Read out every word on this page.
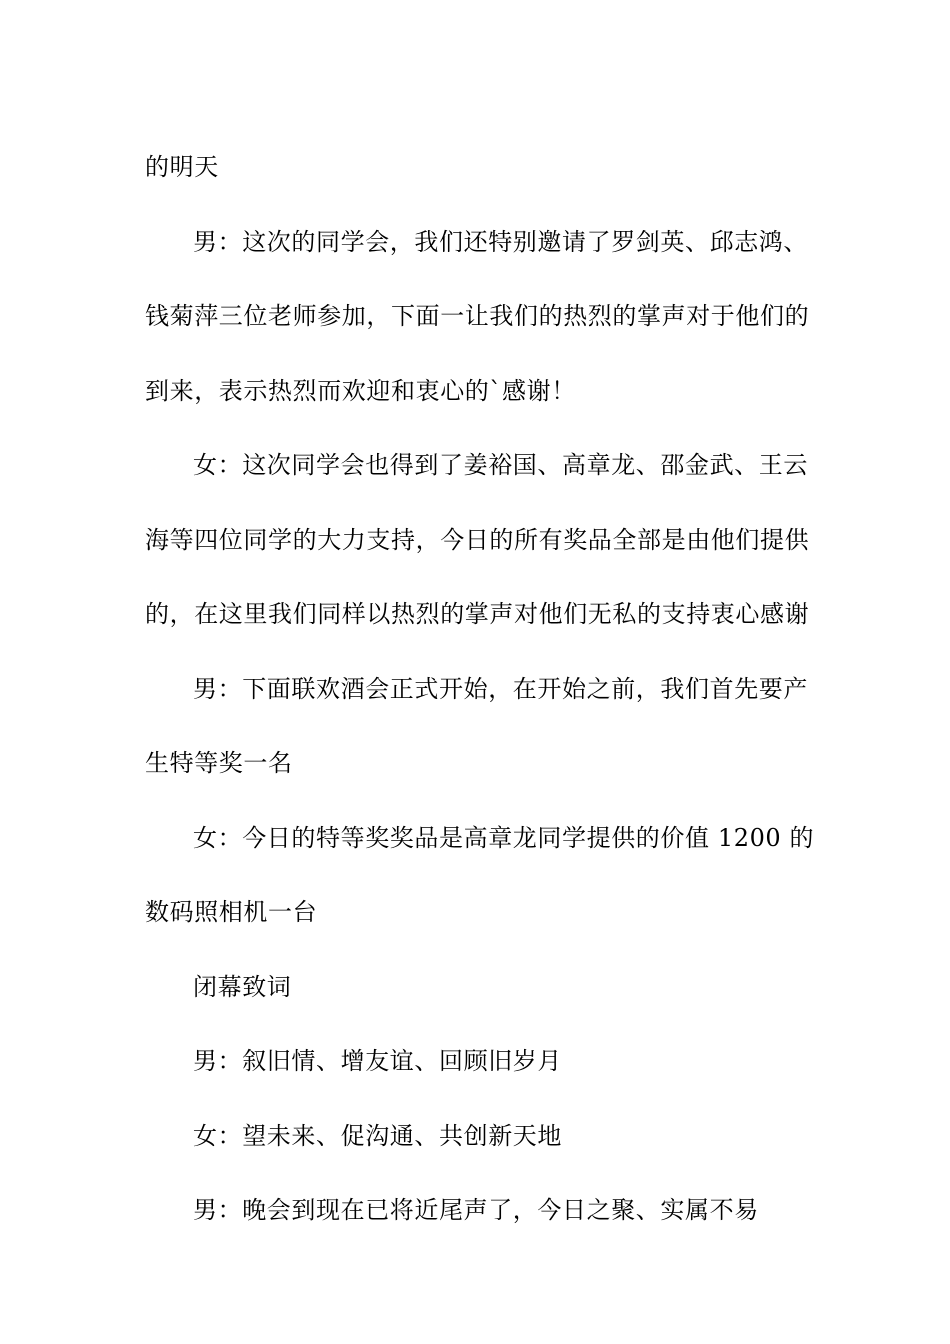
的明天

男：这次的同学会，我们还特别邀请了罗剑英、邱志鸿、钱菊萍三位老师参加，下面一让我们的热烈的掌声对于他们的到来，表示热烈而欢迎和衷心的`感谢！

女：这次同学会也得到了姜裕国、高章龙、邵金武、王云海等四位同学的大力支持，今日的所有奖品全部是由他们提供的，在这里我们同样以热烈的掌声对他们无私的支持衷心感谢

男：下面联欢酒会正式开始，在开始之前，我们首先要产生特等奖一名

女：今日的特等奖奖品是高章龙同学提供的价值 1200 的数码照相机一台

闭幕致词

男：叙旧情、增友谊、回顾旧岁月

女：望未来、促沟通、共创新天地

男：晚会到现在已将近尾声了，今日之聚、实属不易
